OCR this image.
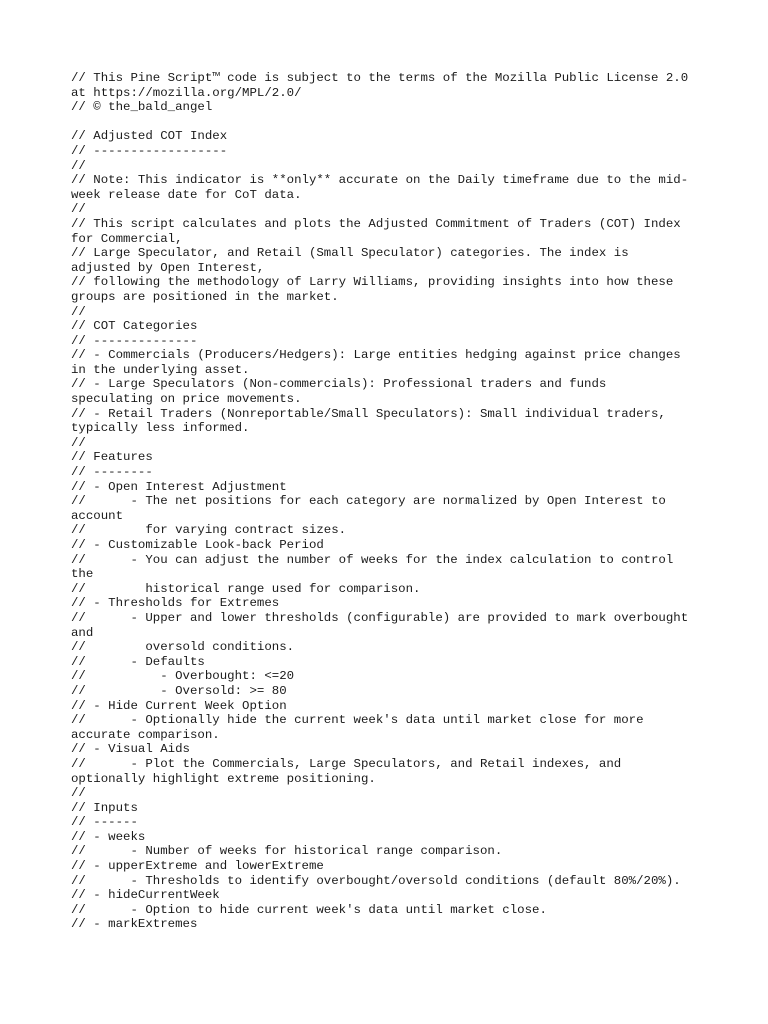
// This Pine Script™ code is subject to the terms of the Mozilla Public License 2.0
at https://mozilla.org/MPL/2.0/
// © the_bald_angel
// Adjusted COT Index
// ------------------
//
// Note: This indicator is **only** accurate on the Daily timeframe due to the mid-
week release date for CoT data.
//
// This script calculates and plots the Adjusted Commitment of Traders (COT) Index
for Commercial,
// Large Speculator, and Retail (Small Speculator) categories. The index is
adjusted by Open Interest,
// following the methodology of Larry Williams, providing insights into how these
groups are positioned in the market.
//
// COT Categories
// --------------
// - Commercials (Producers/Hedgers): Large entities hedging against price changes
in the underlying asset.
// - Large Speculators (Non-commercials): Professional traders and funds
speculating on price movements.
// - Retail Traders (Nonreportable/Small Speculators): Small individual traders,
typically less informed.
//
// Features
// --------
// - Open Interest Adjustment
//      - The net positions for each category are normalized by Open Interest to
account
//        for varying contract sizes.
// - Customizable Look-back Period
//      - You can adjust the number of weeks for the index calculation to control
the
//        historical range used for comparison.
// - Thresholds for Extremes
//      - Upper and lower thresholds (configurable) are provided to mark overbought
and
//        oversold conditions.
//      - Defaults
//          - Overbought: <=20
//          - Oversold: >= 80
// - Hide Current Week Option
//      - Optionally hide the current week's data until market close for more
accurate comparison.
// - Visual Aids
//      - Plot the Commercials, Large Speculators, and Retail indexes, and
optionally highlight extreme positioning.
//
// Inputs
// ------
// - weeks
//      - Number of weeks for historical range comparison.
// - upperExtreme and lowerExtreme
//      - Thresholds to identify overbought/oversold conditions (default 80%/20%).
// - hideCurrentWeek
//      - Option to hide current week's data until market close.
// - markExtremes
